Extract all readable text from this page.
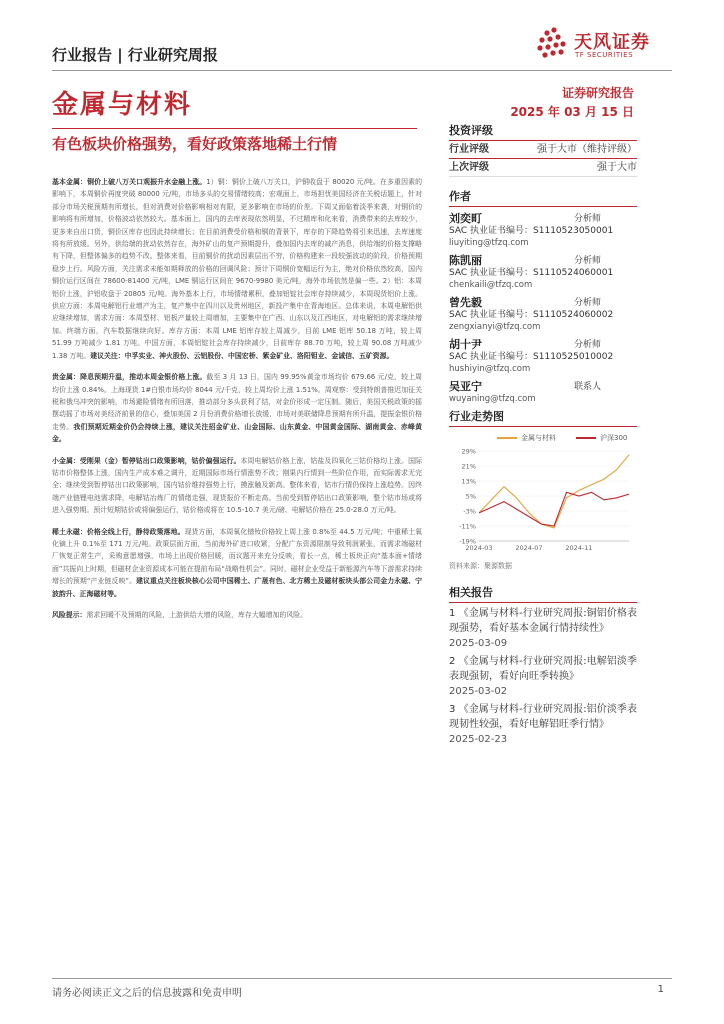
行业报告 | 行业研究周报
天风证券
TF SECURITIES
金属与材料	证券研究报告
2025 年 03 月 15 日
有色板块价格强势，看好政策落地稀土行情

基本金属：铜价上破八万关口观振升水金融上涨。1）铜：铜价上破八万关口，沪铜收盘于 80020 元/吨。在多重因素的影响下，本周铜价再度突破 80000 元/吨，市场多头的交易情绪较高；宏观面上，市场担忧美国经济在关税话题上，针对部分市场关税预期有所增长，但对消费对价格影响相对有限，更多影响在市场的价差。下周又面临着淡季来袭，对铜价的影响将有所增加，价格波动依然较大。基本面上，国内的去库表现依然明显，不过精库和化来看，消费带来的去库较少，更多来自出口货，铜价区库存也因此持续增长；在目前消费受价格和铜的背景下，库存的下降趋势将引来迅速，去库速度将有所放缓。另外，供给端的扰动依然存在，海外矿山的复产预期提升，叠加国内去库的减产消息，供给端的价格支撑略有下降，但整体偏多的趋势不改。整体来看，目前铜价的扰动因素层出不穷，价格构建来一段较强波动的阶段，价格预期稳步上行。风险方面，关注需求未能如期释放的价格的回调风险；预计下周铜价宽幅运行为主，绝对价格依然较高，国内铜价运行区间在 78600-81400 元/吨，LME 铜运行区间在 9670-9980 美元/吨，海外市场依然是偏一些。2）铝：本周铝价上涨，沪铝收盘于 20805 元/吨。海外基本上行，市场情绪累积，叠加铝锭社会库存持续减少，本周现货铝价上涨。供应方面：本周电解铝行业增产为主，复产集中在四川以及贵州地区，新投产集中在青海地区。总体来说，本周电解铝供应继续增加，需求方面：本周型材、铝板产量较上周增加，主要集中在广西、山东以及江西地区，对电解铝的需求继续增加。终端方面，汽车数据继续向好。库存方面：本周 LME 铝库存较上周减少，目前 LME 铝库 50.18 万吨，较上周 51.99 万吨减少 1.81 万吨。中国方面，本周铝锭社会库存持续减少，目前库存 88.70 万吨，较上周 90.08 万吨减少 1.38 万吨。建议关注：中孚实业、神火股份、云铝股份、中国宏桥、紫金矿业、洛阳钼业、金诚信、五矿资源。

贵金属：降息预期升温，推动本周金银价格上涨。截至 3 月 13 日，国内 99.95%黄金市场均价 679.66 元/克，较上周均价上涨 0.84%。上海现货 1#白银市场均价 8044 元/千克，较上周均价上涨 1.51%。周观察：受到特朗普推迟加征关税和俄乌冲突的影响，市场避险情绪有所回落，推动部分多头获利了结，对金价形成一定压制。随后，美国关税政策的摇摆动摇了市场对美经济前景的信心，叠加美国 2 月份消费价格增长放缓，市场对美联储降息预期有所升温，提振金银价格走势。我们预期近期金价仍会持续上涨，建议关注招金矿业、山金国际、山东黄金、中国黄金国际、湖南黄金、赤峰黄金。

小金属：受刚果（金）暂停钴出口政策影响，钴价偏强运行。本周电解钴价格上涨，钴盐及四氧化三钴价格均上涨。国际钴市价格整体上涨，国内生产成本难之调升，近期国际市场行情涨势不改；刚果内行情到一些阶位作用，而实际需求无完全；继续受到暂停钴出口政策影响，国内钴价维持强势上行，摸涨触及新高。整体来看，钴市行情仍保持上涨趋势。因终端产业链锂电池需求降，电解钴冶炼厂的情绪走强，现货报价不断走高。当前受到暂停钴出口政策影响，整个钴市场或将进入强势期。预计短期钴价或将偏强运行，钴价格或将在 10.5-10.7 美元/磅、电解钴价格在 25.0-28.0 万元/吨。

稀土永磁：价格全线上行，静待政策落地。现货方面，本周氧化镨钕价格较上周上涨 0.8%至 44.5 万元/吨；中重稀土氧化镝上升 0.1%至 171 万元/吨。政策层面方面，当前海外矿进口收紧，分配广东资源限制导致利润紧张，而需求端磁材厂恢复正常生产，采购意愿增强，市场上出现价格回暖，而议题开来充分反映，看长一点，稀土板块正向“基本面+情绪面”共振向上时期，但磁材企业资源成本可能在提前布局“战略性机会”。同时，磁材企业受益于新能源汽车等下游需求持续增长的预期“产业链反映”。建议重点关注板块核心公司中国稀土、广晟有色、北方稀土及磁材板块头部公司金力永磁、宁波韵升、正海磁材等。

风险提示：需求回暖不及预期的风险，上游供给大增的风险，库存大幅增加的风险。

投资评级
行业评级	强于大市（维持评级）
上次评级	强于大市
作者
刘奕町	分析师
SAC 执业证书编号：S1110523050001
liuyiting@tfzq.com
陈凯丽	分析师
SAC 执业证书编号：S1110524060001
chenkaili@tfzq.com
曾先毅	分析师
SAC 执业证书编号：S1110524060002
zengxianyi@tfzq.com
胡十尹	分析师
SAC 执业证书编号：S1110525010002
hushiyin@tfzq.com
吴亚宁	联系人
wuyaning@tfzq.com
行业走势图
金属与材料	沪深300
29%
21%
13%
5%
-3%
-11%
-19%
2024-03	2024-07	2024-11
资料来源：聚源数据
相关报告
1 《金属与材料-行业研究周报:铜铝价格表现强势，看好基本金属行情持续性》
2025-03-09
2 《金属与材料-行业研究周报:电解铝淡季表现强韧，看好向旺季转换》
2025-03-02
3 《金属与材料-行业研究周报:铝价淡季表现韧性较强，看好电解铝旺季行情》
2025-02-23
请务必阅读正文之后的信息披露和免责申明	1
